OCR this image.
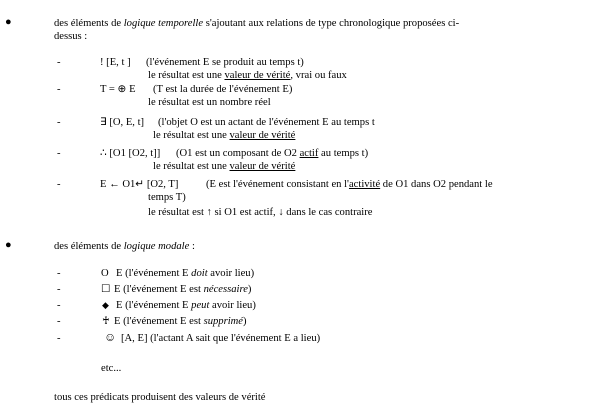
●	des éléments de logique temporelle s'ajoutant aux relations de type chronologique proposées ci-
dessus :
-	! [E, t ] (l'événement E se produit au temps t)
le résultat est une valeur de vérité, vrai ou faux
-	T = ⊕ E (T est la durée de l'événement E)
le résultat est un nombre réel
-	∃ [O, E, t] (l'objet O est un actant de l'événement E au temps t
le résultat est une valeur de vérité
-	∴ [O1 [O2, t]] (O1 est un composant de O2 actif au temps t)
le résultat est une valeur de vérité
-	E ← O1↵ [O2, T]	(E est l'événement consistant en l'activité de O1 dans O2 pendant le
temps T)
le résultat est ↑ si O1 est actif, ↓ dans le cas contraire
●	des éléments de logique modale :
-	O E (l'événement E doit avoir lieu)
-	☐ E (l'événement E est nécessaire)
-	◆ E (l'événement E peut avoir lieu)
-	♰ E (l'événement E est supprimé)
-	☺ [A, E] (l'actant A sait que l'événement E a lieu)
etc...
tous ces prédicats produisent des valeurs de vérité
